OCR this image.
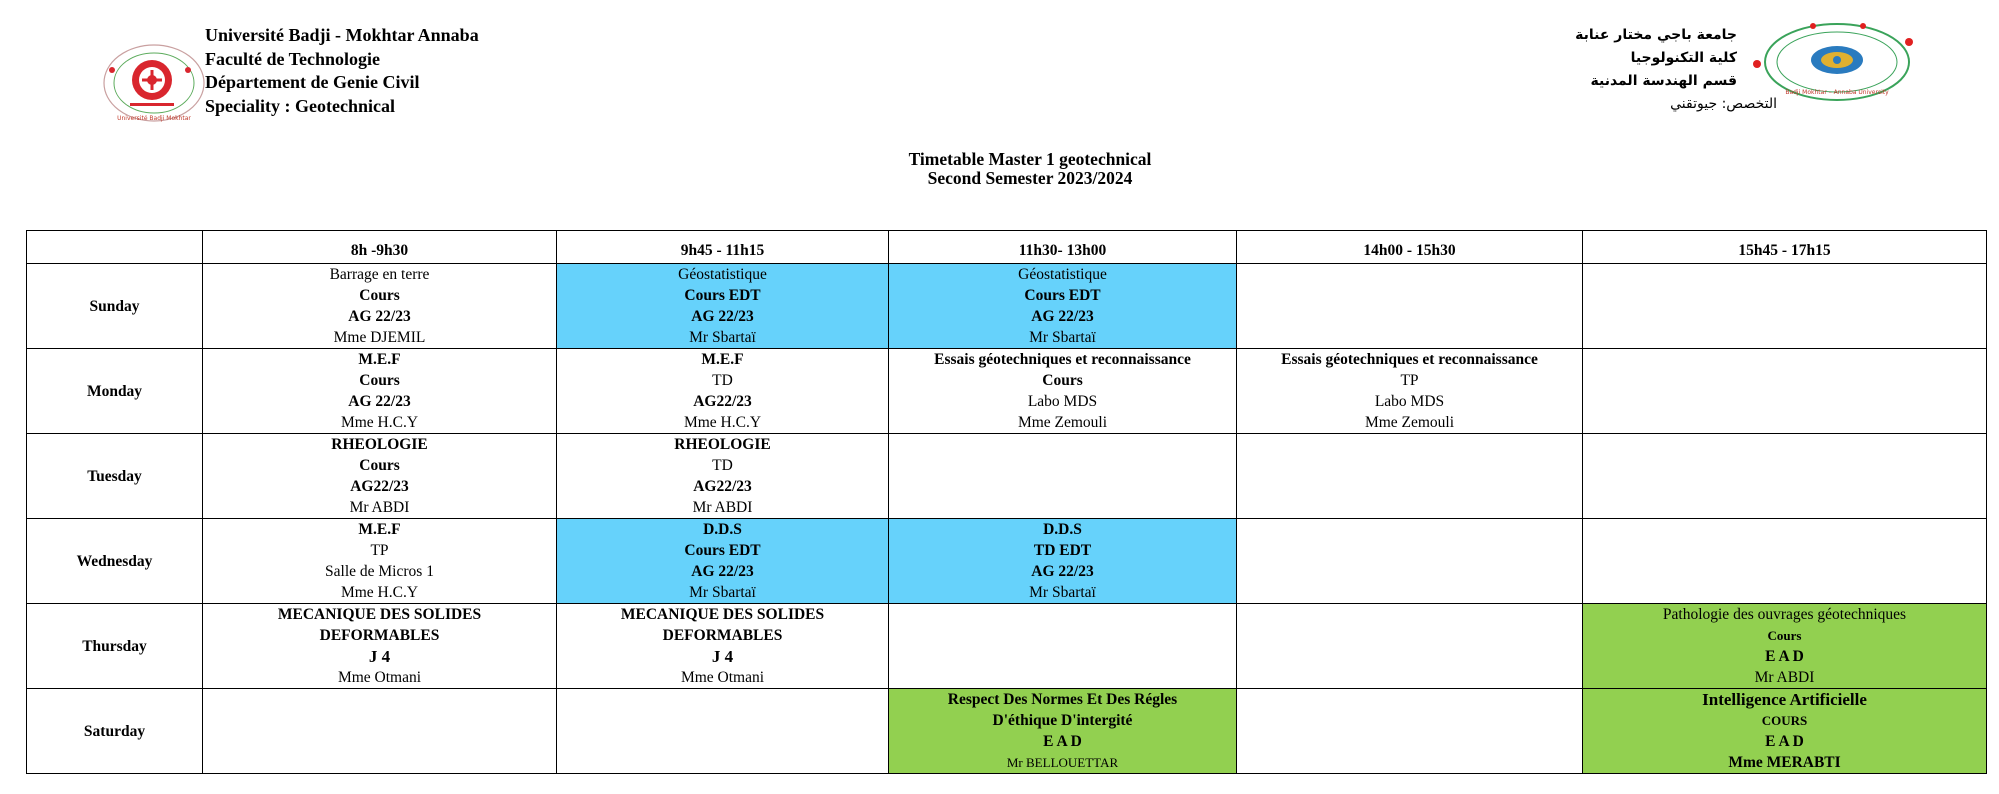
Université Badji Mokhtar
Université Badji - Mokhtar Annaba
Faculté de Technologie
Département de Genie Civil
Speciality : Geotechnical
جامعة باجي مختار عنابة
كلية التكنولوجيا
قسم الهندسة المدنية
التخصص: جيوتقني
Badji Mokhtar – Annaba University
Timetable Master 1 geotechnical
Second Semester 2023/2024
	8h -9h30	9h45 - 11h15	11h30- 13h00	14h00 - 15h30	15h45 - 17h15
Sunday	Barrage en terre
Cours
AG 22/23
Mme DJEMIL	Géostatistique
Cours EDT
AG 22/23
Mr Sbartaï	Géostatistique
Cours EDT
AG 22/23
Mr Sbartaï		

Monday	M.E.F
Cours
AG 22/23
Mme H.C.Y	M.E.F
TD
AG22/23
Mme H.C.Y	Essais géotechniques et reconnaissance
Cours
Labo MDS
Mme Zemouli	Essais géotechniques et reconnaissance
TP
Labo MDS
Mme Zemouli	

Tuesday	RHEOLOGIE
Cours
AG22/23
Mr ABDI	RHEOLOGIE
TD
AG22/23
Mr ABDI			

Wednesday	M.E.F
TP
Salle de Micros 1
Mme H.C.Y	D.D.S
Cours EDT
AG 22/23
Mr Sbartaï	D.D.S
TD EDT
AG 22/23
Mr Sbartaï		

Thursday	MECANIQUE DES SOLIDES
DEFORMABLES
J 4
Mme Otmani	MECANIQUE DES SOLIDES
DEFORMABLES
J 4
Mme Otmani			Pathologie des ouvrages géotechniques
Cours
E A D
Mr ABDI

Saturday			Respect Des Normes Et Des Régles
D'éthique D'intergité
E A D
Mr BELLOUETTAR		Intelligence Artificielle
COURS
E A D
Mme MERABTI
